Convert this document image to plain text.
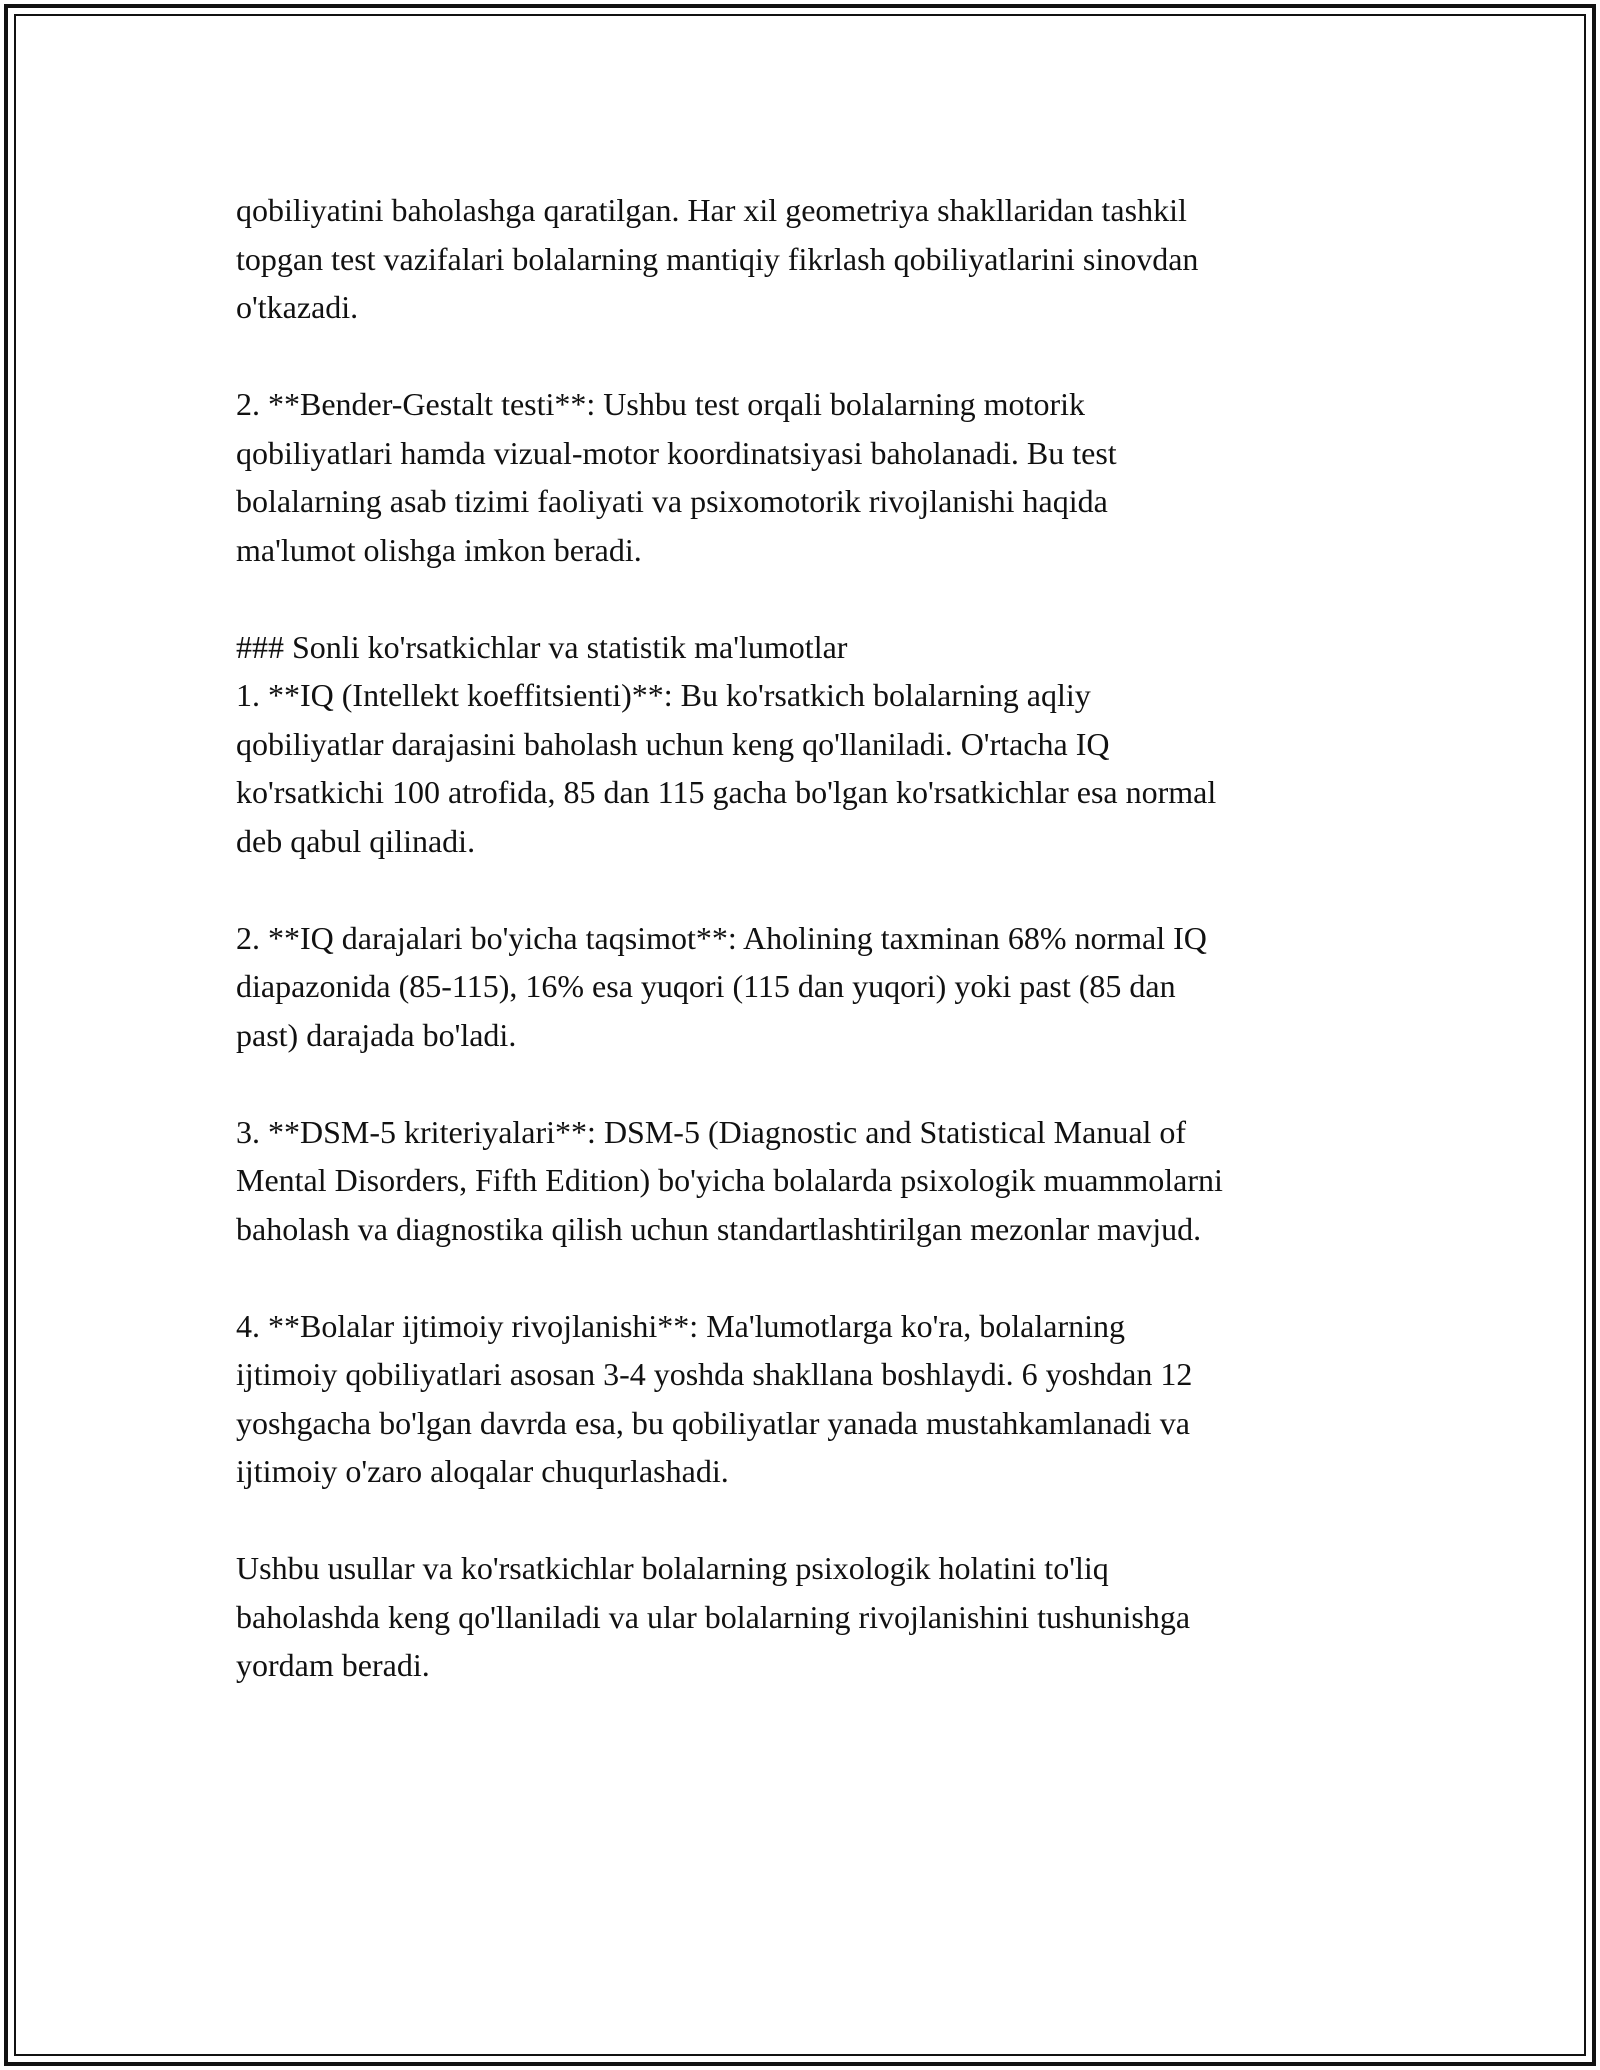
qobiliyatini baholashga qaratilgan. Har xil geometriya shakllaridan tashkil
topgan test vazifalari bolalarning mantiqiy fikrlash qobiliyatlarini sinovdan
o'tkazadi.

2. **Bender-Gestalt testi**: Ushbu test orqali bolalarning motorik
qobiliyatlari hamda vizual-motor koordinatsiyasi baholanadi. Bu test
bolalarning asab tizimi faoliyati va psixomotorik rivojlanishi haqida
ma'lumot olishga imkon beradi.

### Sonli ko'rsatkichlar va statistik ma'lumotlar
1. **IQ (Intellekt koeffitsienti)**: Bu ko'rsatkich bolalarning aqliy
qobiliyatlar darajasini baholash uchun keng qo'llaniladi. O'rtacha IQ
ko'rsatkichi 100 atrofida, 85 dan 115 gacha bo'lgan ko'rsatkichlar esa normal
deb qabul qilinadi.

2. **IQ darajalari bo'yicha taqsimot**: Aholining taxminan 68% normal IQ
diapazonida (85-115), 16% esa yuqori (115 dan yuqori) yoki past (85 dan
past) darajada bo'ladi.

3. **DSM-5 kriteriyalari**: DSM-5 (Diagnostic and Statistical Manual of
Mental Disorders, Fifth Edition) bo'yicha bolalarda psixologik muammolarni
baholash va diagnostika qilish uchun standartlashtirilgan mezonlar mavjud.

4. **Bolalar ijtimoiy rivojlanishi**: Ma'lumotlarga ko'ra, bolalarning
ijtimoiy qobiliyatlari asosan 3-4 yoshda shakllana boshlaydi. 6 yoshdan 12
yoshgacha bo'lgan davrda esa, bu qobiliyatlar yanada mustahkamlanadi va
ijtimoiy o'zaro aloqalar chuqurlashadi.

Ushbu usullar va ko'rsatkichlar bolalarning psixologik holatini to'liq
baholashda keng qo'llaniladi va ular bolalarning rivojlanishini tushunishga
yordam beradi.
